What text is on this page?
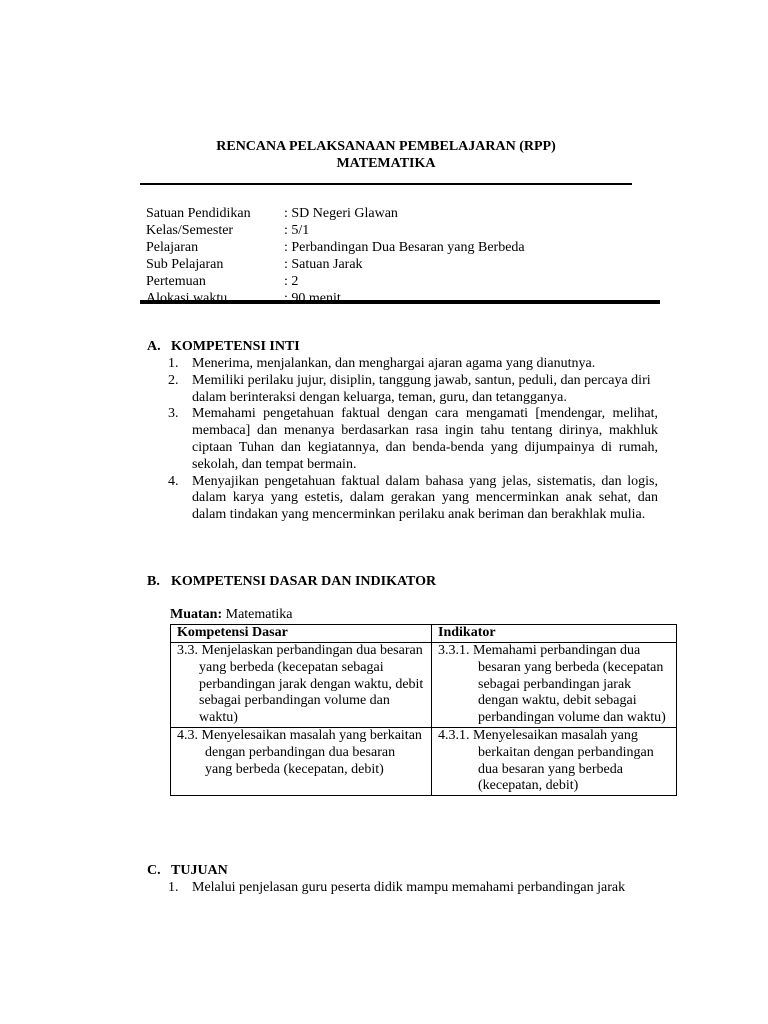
RENCANA PELAKSANAAN PEMBELAJARAN (RPP)
MATEMATIKA
Satuan Pendidikan	: SD Negeri Glawan
Kelas/Semester	: 5/1
Pelajaran	: Perbandingan Dua Besaran yang Berbeda
Sub Pelajaran	: Satuan Jarak
Pertemuan	: 2
Alokasi waktu	: 90 menit
A. KOMPETENSI INTI
1. Menerima, menjalankan, dan menghargai ajaran agama yang dianutnya.
2. Memiliki perilaku jujur, disiplin, tanggung jawab, santun, peduli, dan percaya diri
dalam berinteraksi dengan keluarga, teman, guru, dan tetangganya.
3. Memahami pengetahuan faktual dengan cara mengamati [mendengar, melihat, membaca] dan menanya berdasarkan rasa ingin tahu tentang dirinya, makhluk ciptaan Tuhan dan kegiatannya, dan benda-benda yang dijumpainya di rumah, sekolah, dan tempat bermain.
4. Menyajikan pengetahuan faktual dalam bahasa yang jelas, sistematis, dan logis, dalam karya yang estetis, dalam gerakan yang mencerminkan anak sehat, dan dalam tindakan yang mencerminkan perilaku anak beriman dan berakhlak mulia.
B. KOMPETENSI DASAR DAN INDIKATOR
Muatan: Matematika
Kompetensi Dasar	Indikator

3.3. Menjelaskan perbandingan dua besaran yang berbeda (kecepatan sebagai perbandingan jarak dengan waktu, debit sebagai perbandingan volume dan waktu)	3.3.1. Memahami perbandingan dua besaran yang berbeda (kecepatan sebagai perbandingan jarak dengan waktu, debit sebagai perbandingan volume dan waktu)

4.3. Menyelesaikan masalah yang berkaitan dengan perbandingan dua besaran yang berbeda (kecepatan, debit)	4.3.1. Menyelesaikan masalah yang berkaitan dengan perbandingan dua besaran yang berbeda (kecepatan, debit)
C. TUJUAN
1. Melalui penjelasan guru peserta didik mampu memahami perbandingan jarak
